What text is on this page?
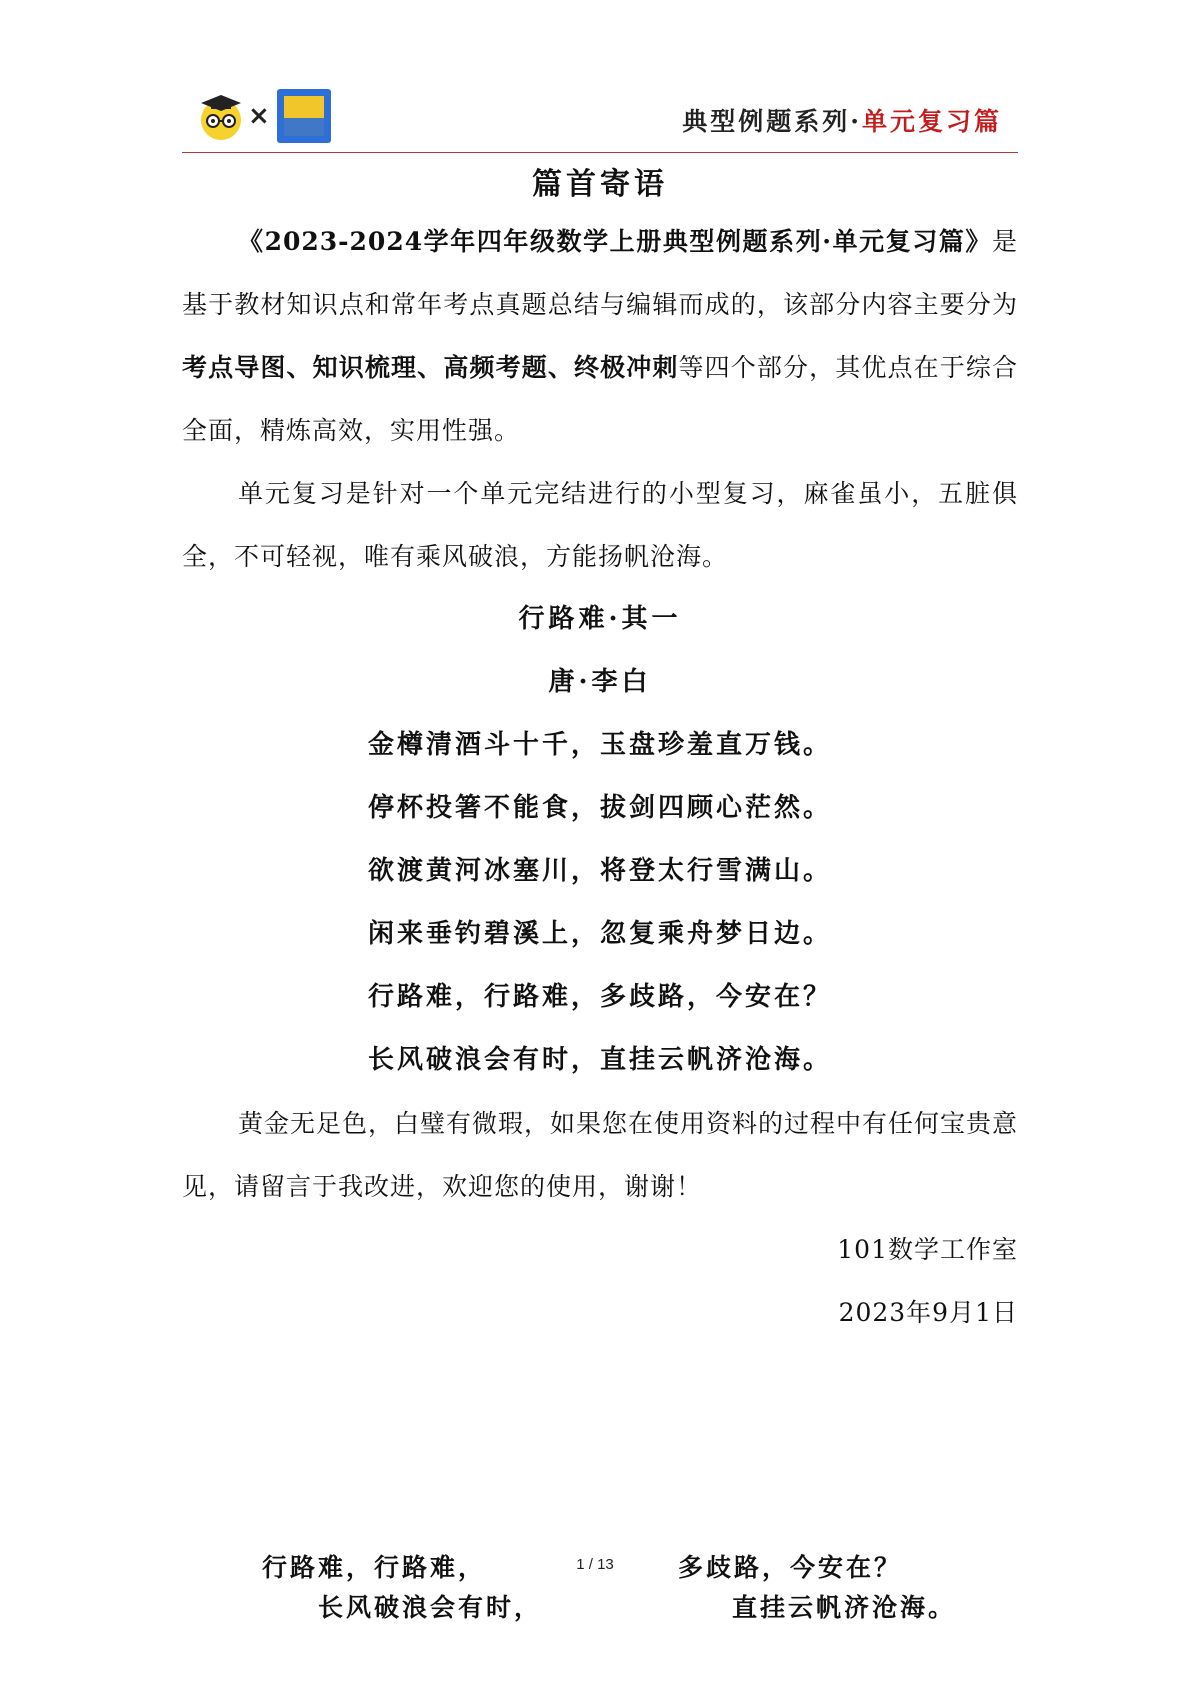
×	典型例题系列·单元复习篇
篇首寄语

《2023-2024学年四年级数学上册典型例题系列·单元复习篇》是基于教材知识点和常年考点真题总结与编辑而成的，该部分内容主要分为考点导图、知识梳理、高频考题、终极冲刺等四个部分，其优点在于综合全面，精炼高效，实用性强。

单元复习是针对一个单元完结进行的小型复习，麻雀虽小，五脏俱全，不可轻视，唯有乘风破浪，方能扬帆沧海。

行路难·其一
唐·李白
金樽清酒斗十千，玉盘珍羞直万钱。
停杯投箸不能食，拔剑四顾心茫然。
欲渡黄河冰塞川，将登太行雪满山。
闲来垂钓碧溪上，忽复乘舟梦日边。
行路难，行路难，多歧路，今安在？
长风破浪会有时，直挂云帆济沧海。

黄金无足色，白璧有微瑕，如果您在使用资料的过程中有任何宝贵意见，请留言于我改进，欢迎您的使用，谢谢！

101数学工作室

2023年9月1日

1 / 13
行路难，行路难，	多歧路，今安在？
长风破浪会有时，	直挂云帆济沧海。
